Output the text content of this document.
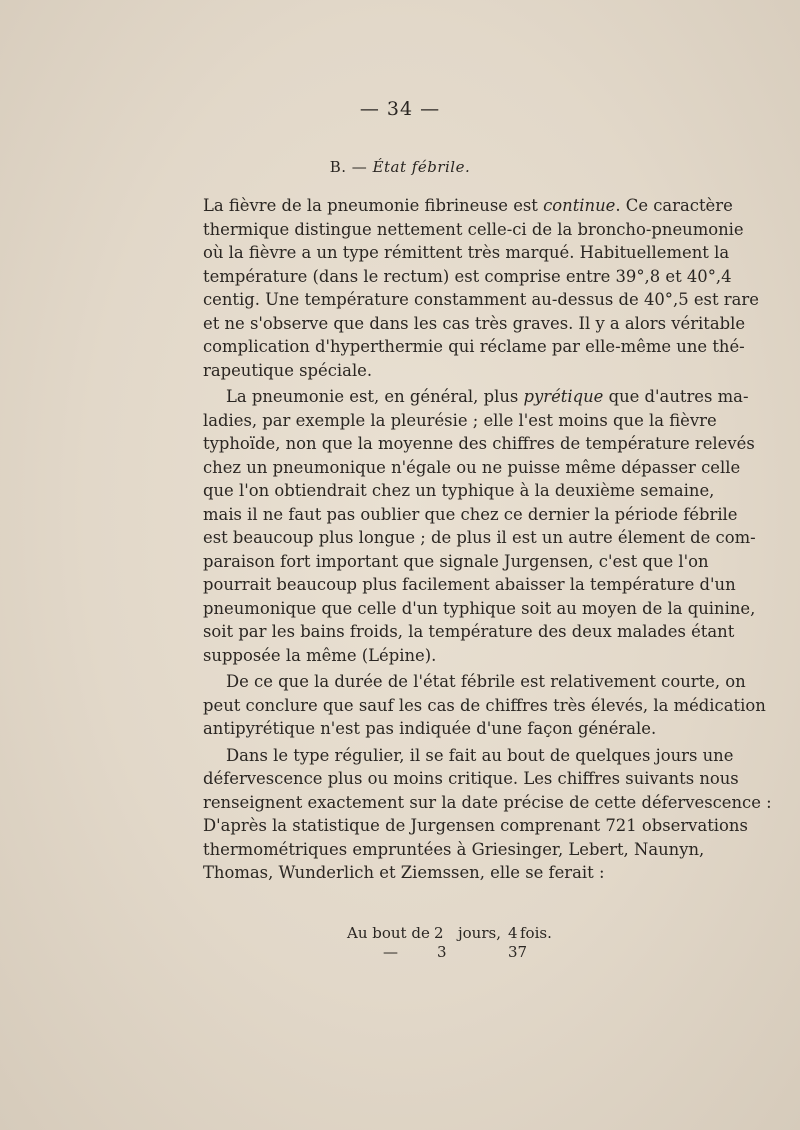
— 34 —
B. — État fébrile.
La fièvre de la pneumonie fibrineuse est continue. Ce caractère
thermique distingue nettement celle-ci de la broncho-pneumonie
où la fièvre a un type rémittent très marqué. Habituellement la
température (dans le rectum) est comprise entre 39°,8 et 40°,4
centig. Une température constamment au-dessus de 40°,5 est rare
et ne s'observe que dans les cas très graves. Il y a alors véritable
complication d'hyperthermie qui réclame par elle-même une thé-
rapeutique spéciale.
La pneumonie est, en général, plus pyrétique que d'autres ma-
ladies, par exemple la pleurésie ; elle l'est moins que la fièvre
typhoïde, non que la moyenne des chiffres de température relevés
chez un pneumonique n'égale ou ne puisse même dépasser celle
que l'on obtiendrait chez un typhique à la deuxième semaine,
mais il ne faut pas oublier que chez ce dernier la période fébrile
est beaucoup plus longue ; de plus il est un autre élement de com-
paraison fort important que signale Jurgensen, c'est que l'on
pourrait beaucoup plus facilement abaisser la température d'un
pneumonique que celle d'un typhique soit au moyen de la quinine,
soit par les bains froids, la température des deux malades étant
supposée la même (Lépine).
De ce que la durée de l'état fébrile est relativement courte, on
peut conclure que sauf les cas de chiffres très élevés, la médication
antipyrétique n'est pas indiquée d'une façon générale.
Dans le type régulier, il se fait au bout de quelques jours une
défervescence plus ou moins critique. Les chiffres suivants nous
renseignent exactement sur la date précise de cette défervescence :
D'après la statistique de Jurgensen comprenant 721 observations
thermométriques empruntées à Griesinger, Lebert, Naunyn,
Thomas, Wunderlich et Ziemssen, elle se ferait :
Au bout de 2 jours, 4 fois.
—	3	37
